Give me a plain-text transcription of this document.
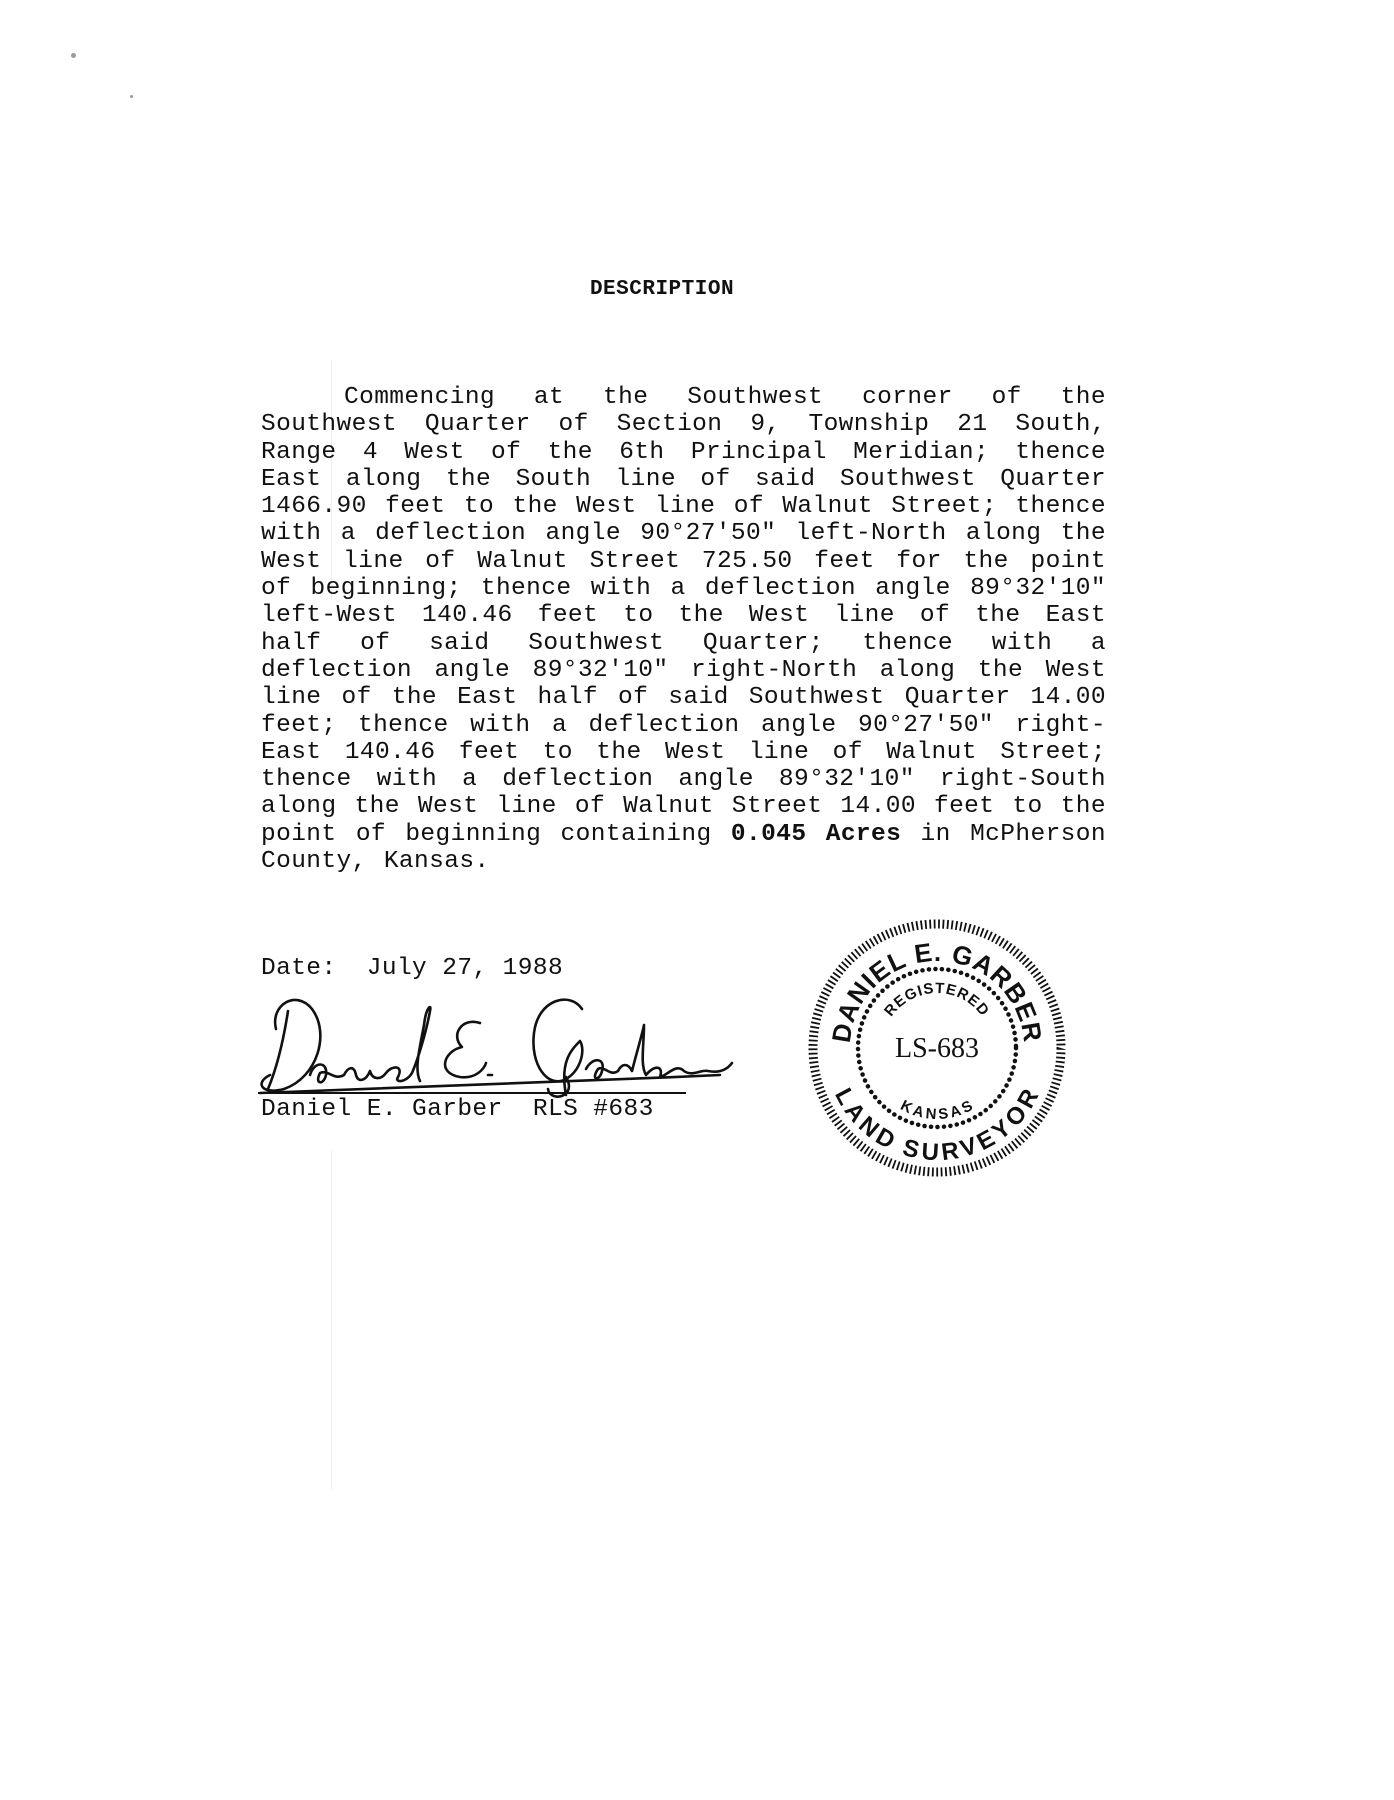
DESCRIPTION

Commencing at the Southwest corner of the Southwest Quarter of Section 9, Township 21 South, Range 4 West of the 6th Principal Meridian; thence East along the South line of said Southwest Quarter 1466.90 feet to the West line of Walnut Street; thence with a deflection angle 90°27'50" left-North along the West line of Walnut Street 725.50 feet for the point of beginning; thence with a deflection angle 89°32'10" left-West 140.46 feet to the West line of the East half of said Southwest Quarter; thence with a deflection angle 89°32'10" right-North along the West line of the East half of said Southwest Quarter 14.00 feet; thence with a deflection angle 90°27'50" right-East 140.46 feet to the West line of Walnut Street; thence with a deflection angle 89°32'10" right-South along the West line of Walnut Street 14.00 feet to the point of beginning containing 0.045 Acres in McPherson County, Kansas.

Date: July 27, 1988
Daniel E. Garber RLS #683
DANIEL E. GARBER
LAND SURVEYOR
REGISTERED
KANSAS
LS-683
